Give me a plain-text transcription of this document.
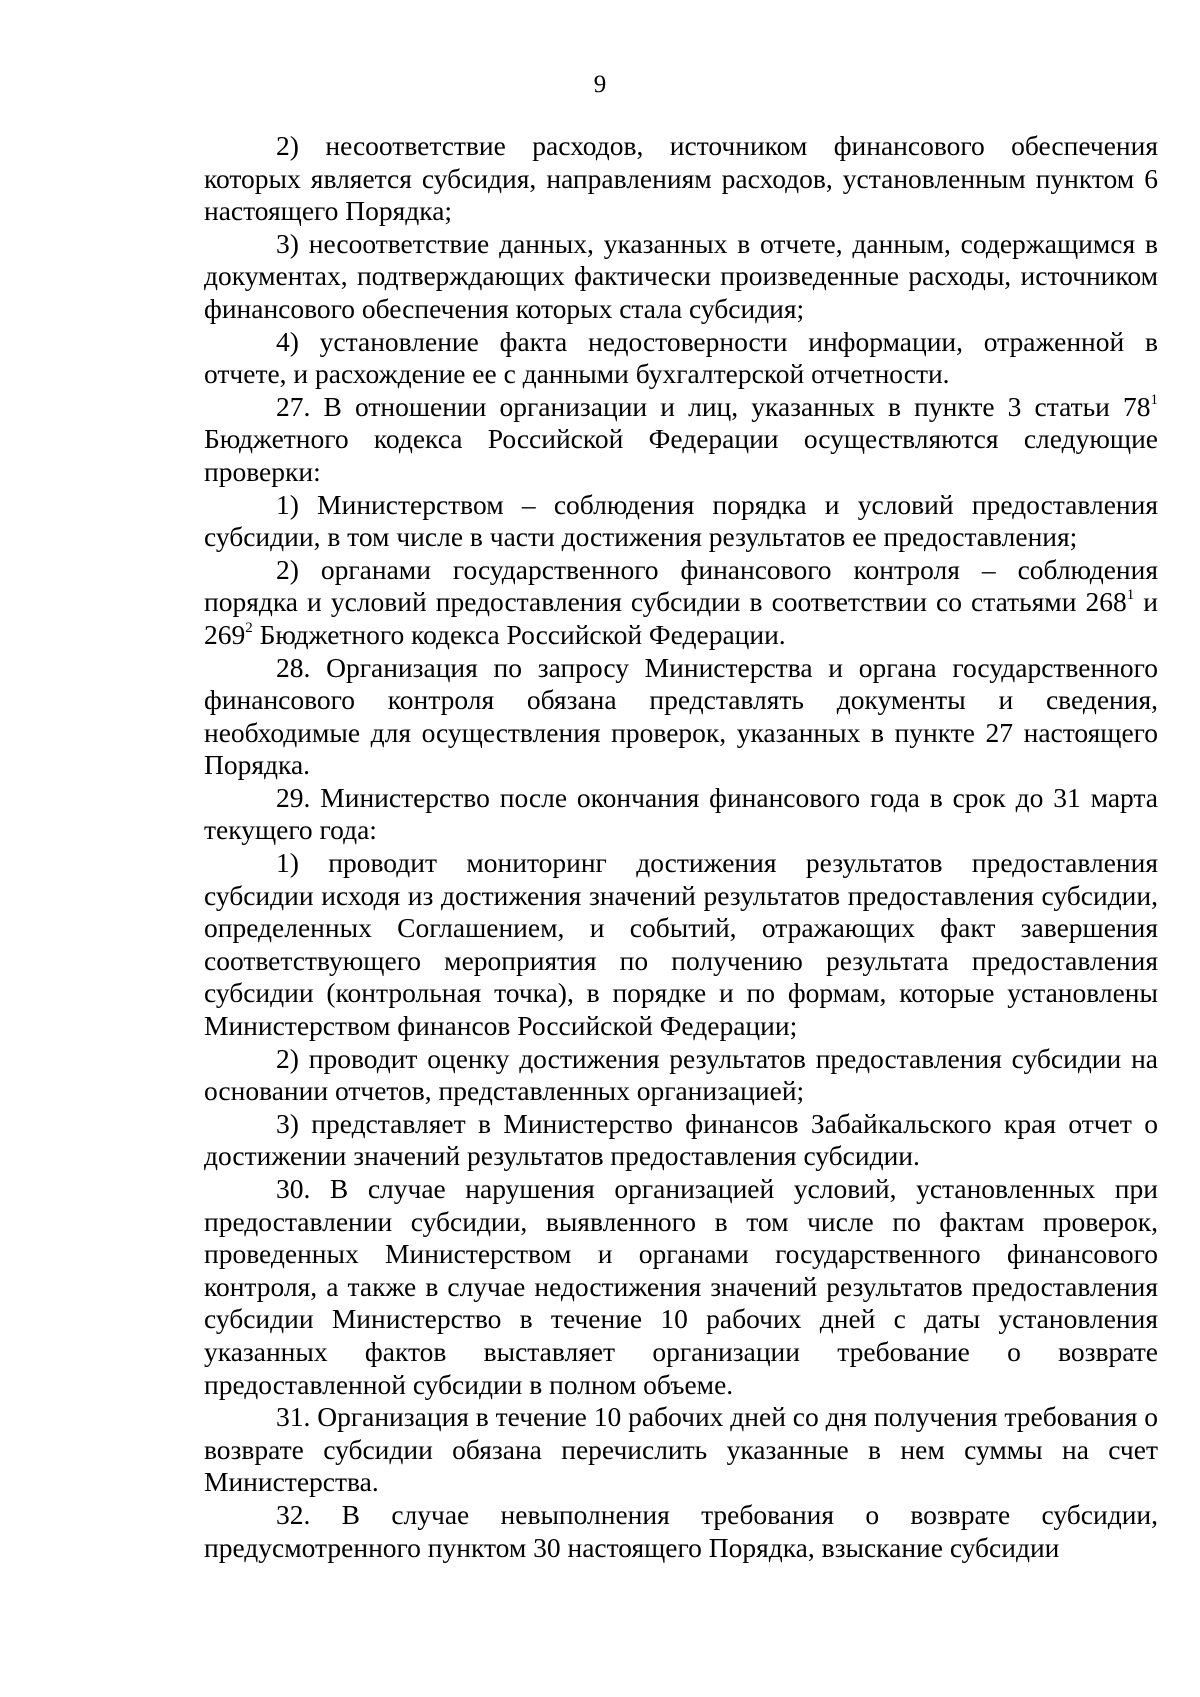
9

2) несоответствие расходов, источником финансового обеспечения которых является субсидия, направлениям расходов, установленным пунктом 6 настоящего Порядка;

3) несоответствие данных, указанных в отчете, данным, содержащимся в документах, подтверждающих фактически произведенные расходы, источником финансового обеспечения которых стала субсидия;

4) установление факта недостоверности информации, отраженной в отчете, и расхождение ее с данными бухгалтерской отчетности.

27. В отношении организации и лиц, указанных в пункте 3 статьи $78^1$ Бюджетного кодекса Российской Федерации осуществляются следующие проверки:

1) Министерством – соблюдения порядка и условий предоставления субсидии, в том числе в части достижения результатов ее предоставления;

2) органами государственного финансового контроля – соблюдения порядка и условий предоставления субсидии в соответствии со статьями $268^1$ и $269^2$ Бюджетного кодекса Российской Федерации.

28. Организация по запросу Министерства и органа государственного финансового контроля обязана представлять документы и сведения, необходимые для осуществления проверок, указанных в пункте 27 настоящего Порядка.

29. Министерство после окончания финансового года в срок до 31 марта текущего года:

1) проводит мониторинг достижения результатов предоставления субсидии исходя из достижения значений результатов предоставления субсидии, определенных Соглашением, и событий, отражающих факт завершения соответствующего мероприятия по получению результата предоставления субсидии (контрольная точка), в порядке и по формам, которые установлены Министерством финансов Российской Федерации;

2) проводит оценку достижения результатов предоставления субсидии на основании отчетов, представленных организацией;

3) представляет в Министерство финансов Забайкальского края отчет о достижении значений результатов предоставления субсидии.

30. В случае нарушения организацией условий, установленных при предоставлении субсидии, выявленного в том числе по фактам проверок, проведенных Министерством и органами государственного финансового контроля, а также в случае недостижения значений результатов предоставления субсидии Министерство в течение 10 рабочих дней с даты установления указанных фактов выставляет организации требование о возврате предоставленной субсидии в полном объеме.

31. Организация в течение 10 рабочих дней со дня получения требования о возврате субсидии обязана перечислить указанные в нем суммы на счет Министерства.

32. В случае невыполнения требования о возврате субсидии, предусмотренного пунктом 30 настоящего Порядка, взыскание субсидии
